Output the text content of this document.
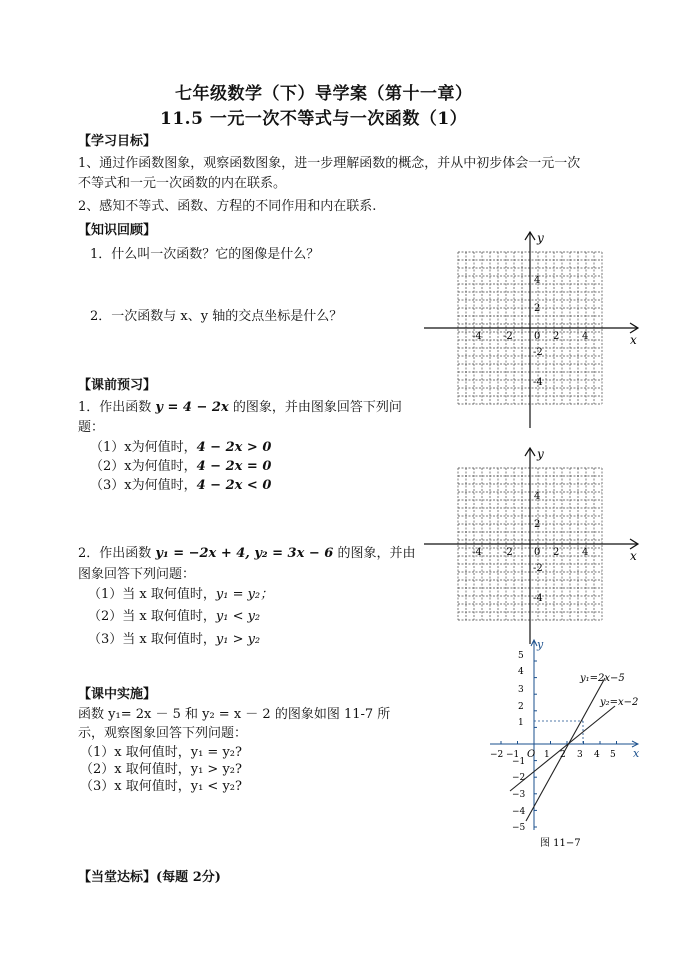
七年级数学（下）导学案（第十一章）
11.5 一元一次不等式与一次函数（1）
【学习目标】
1、通过作函数图象，观察函数图象，进一步理解函数的概念，并从中初步体会一元一次
不等式和一元一次函数的内在联系。
2、感知不等式、函数、方程的不同作用和内在联系.
【知识回顾】
1．什么叫一次函数？它的图像是什么？
2．一次函数与 x、y 轴的交点坐标是什么？
【课前预习】
1．作出函数 y = 4 − 2x 的图象，并由图象回答下列问
题：
（1）x为何值时，4 − 2x > 0
（2）x为何值时，4 − 2x = 0
（3）x为何值时，4 − 2x < 0
2．作出函数 y₁ = −2x + 4, y₂ = 3x − 6 的图象，并由
图象回答下列问题：
（1）当 x 取何值时，y₁ = y₂；
（2）当 x 取何值时，y₁ < y₂
（3）当 x 取何值时，y₁ > y₂
【课中实施】
函数 y₁= 2x － 5 和 y₂ = x － 2 的图象如图 11-7 所
示，观察图象回答下列问题：
（1）x 取何值时，y₁ = y₂?
（2）x 取何值时，y₁ > y₂?
（3）x 取何值时，y₁ < y₂?
【当堂达标】(每题 2分)
x
y
0
-4 -2	2 4
4
2
-2
-4
x
y
0
-4 -2	2 4
4
2
-2
-4
x
y
O
y₁=2x−5
y₂=x−2
−2 −1	1 2 3 4 5
5
4
3
2
1
−1
−2
−3
−4
−5
图 11−7
